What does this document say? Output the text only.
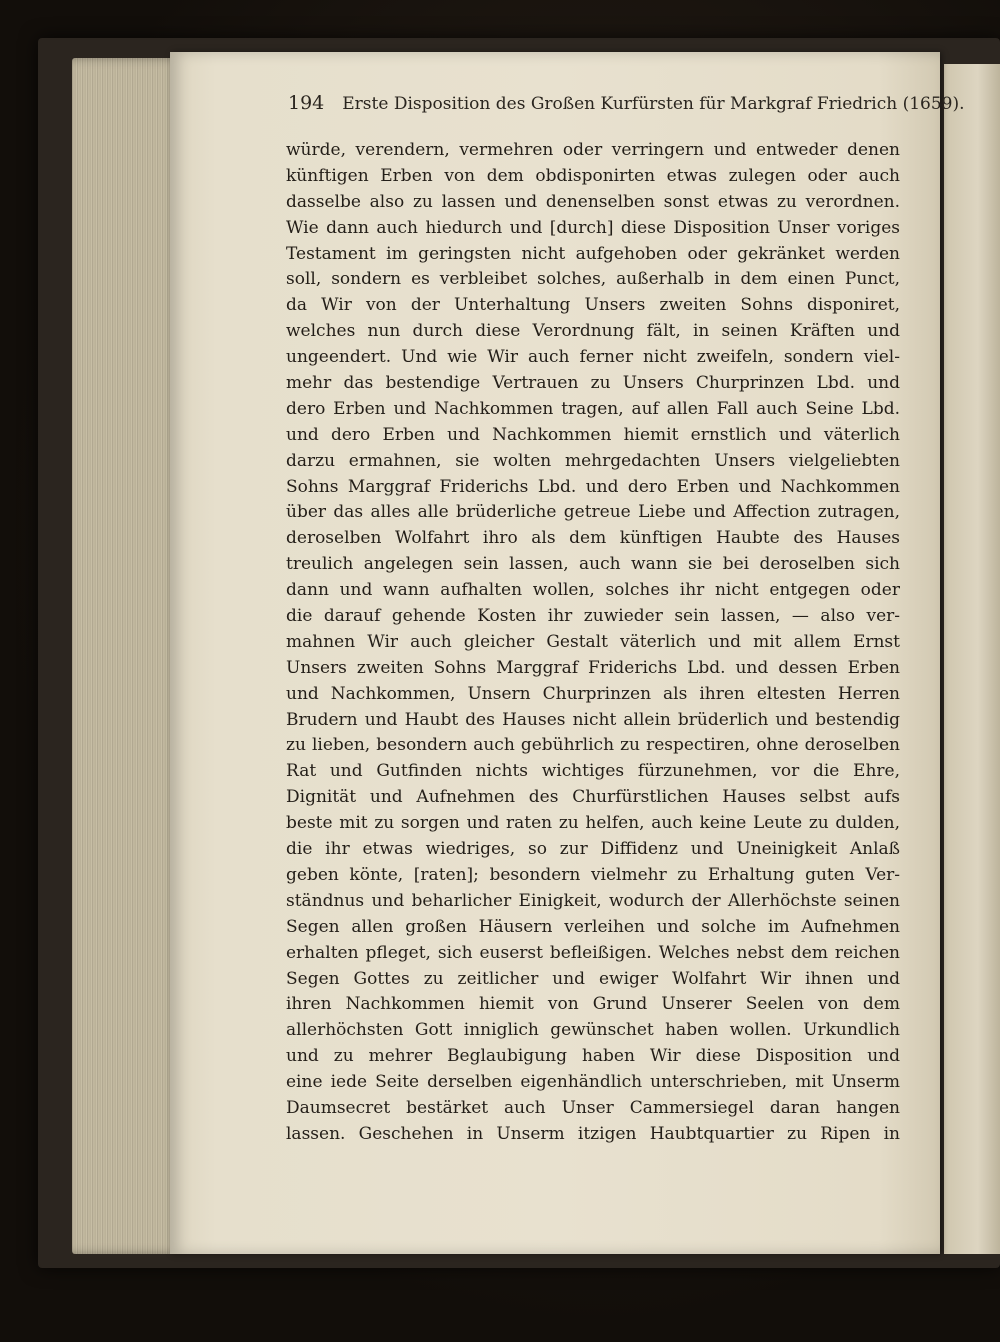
194 Erste Disposition des Großen Kurfürsten für Markgraf Friedrich (1659).
würde, verendern, vermehren oder verringern und entweder denen
künftigen Erben von dem obdisponirten etwas zulegen oder auch
dasselbe also zu lassen und denenselben sonst etwas zu verordnen.
Wie dann auch hiedurch und [durch] diese Disposition Unser voriges
Testament im geringsten nicht aufgehoben oder gekränket werden
soll, sondern es verbleibet solches, außerhalb in dem einen Punct,
da Wir von der Unterhaltung Unsers zweiten Sohns disponiret,
welches nun durch diese Verordnung fält, in seinen Kräften und
ungeendert. Und wie Wir auch ferner nicht zweifeln, sondern viel-
mehr das bestendige Vertrauen zu Unsers Churprinzen Lbd. und
dero Erben und Nachkommen tragen, auf allen Fall auch Seine Lbd.
und dero Erben und Nachkommen hiemit ernstlich und väterlich
darzu ermahnen, sie wolten mehrgedachten Unsers vielgeliebten
Sohns Marggraf Friderichs Lbd. und dero Erben und Nachkommen
über das alles alle brüderliche getreue Liebe und Affection zutragen,
deroselben Wolfahrt ihro als dem künftigen Haubte des Hauses
treulich angelegen sein lassen, auch wann sie bei deroselben sich
dann und wann aufhalten wollen, solches ihr nicht entgegen oder
die darauf gehende Kosten ihr zuwieder sein lassen, — also ver-
mahnen Wir auch gleicher Gestalt väterlich und mit allem Ernst
Unsers zweiten Sohns Marggraf Friderichs Lbd. und dessen Erben
und Nachkommen, Unsern Churprinzen als ihren eltesten Herren
Brudern und Haubt des Hauses nicht allein brüderlich und bestendig
zu lieben, besondern auch gebührlich zu respectiren, ohne deroselben
Rat und Gutfinden nichts wichtiges fürzunehmen, vor die Ehre,
Dignität und Aufnehmen des Churfürstlichen Hauses selbst aufs
beste mit zu sorgen und raten zu helfen, auch keine Leute zu dulden,
die ihr etwas wiedriges, so zur Diffidenz und Uneinigkeit Anlaß
geben könte, [raten]; besondern vielmehr zu Erhaltung guten Ver-
ständnus und beharlicher Einigkeit, wodurch der Allerhöchste seinen
Segen allen großen Häusern verleihen und solche im Aufnehmen
erhalten pfleget, sich euserst befleißigen. Welches nebst dem reichen
Segen Gottes zu zeitlicher und ewiger Wolfahrt Wir ihnen und
ihren Nachkommen hiemit von Grund Unserer Seelen von dem
allerhöchsten Gott inniglich gewünschet haben wollen. Urkundlich
und zu mehrer Beglaubigung haben Wir diese Disposition und
eine iede Seite derselben eigenhändlich unterschrieben, mit Unserm
Daumsecret bestärket auch Unser Cammersiegel daran hangen
lassen. Geschehen in Unserm itzigen Haubtquartier zu Ripen in
